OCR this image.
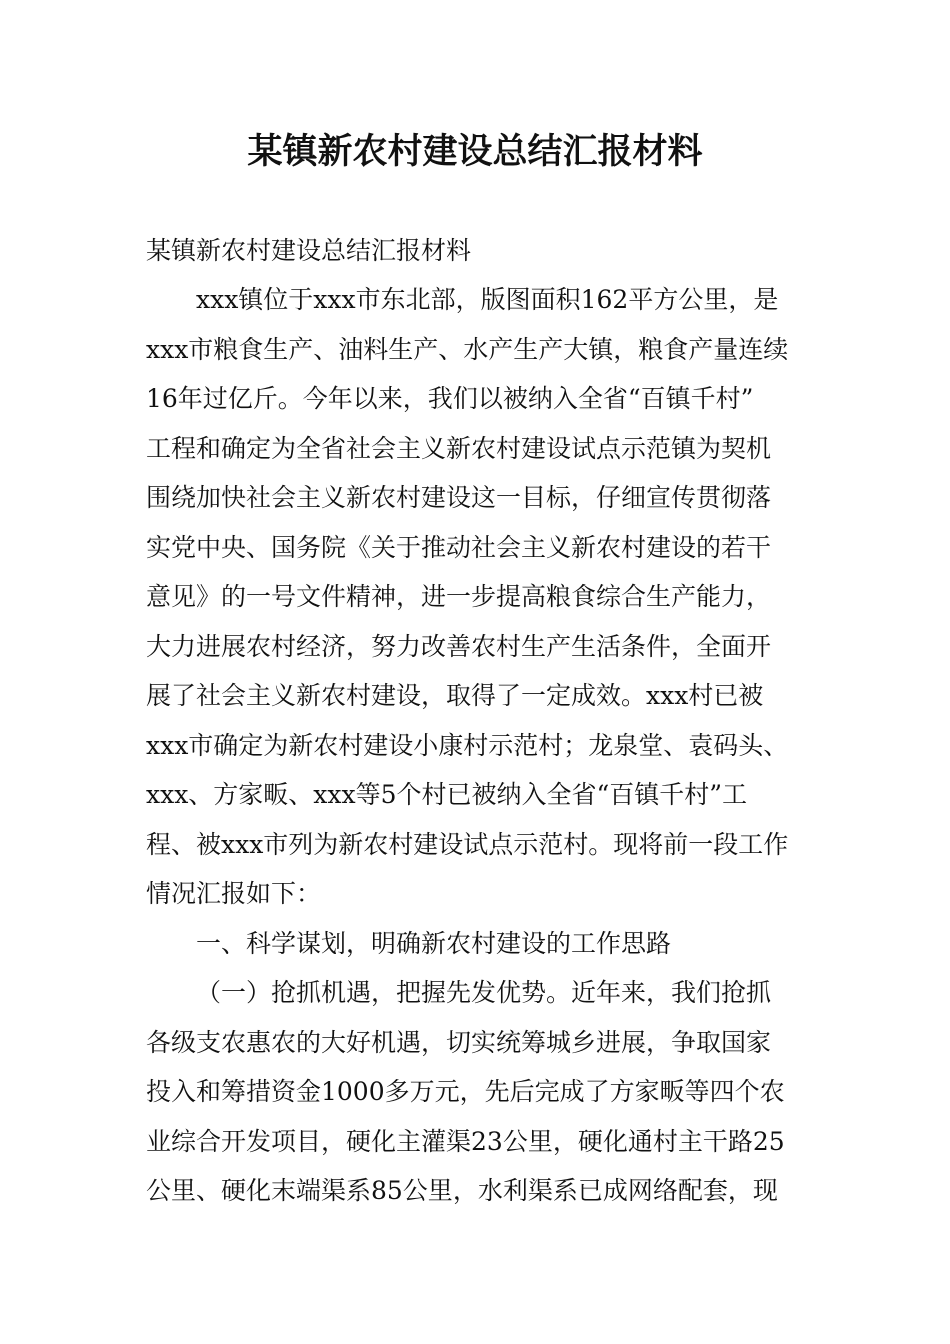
某镇新农村建设总结汇报材料

某镇新农村建设总结汇报材料

xxx镇位于xxx市东北部，版图面积162平方公里，是

xxx市粮食生产、油料生产、水产生产大镇，粮食产量连续

16年过亿斤。今年以来，我们以被纳入全省“百镇千村”

工程和确定为全省社会主义新农村建设试点示范镇为契机

围绕加快社会主义新农村建设这一目标，仔细宣传贯彻落

实党中央、国务院《关于推动社会主义新农村建设的若干

意见》的一号文件精神，进一步提高粮食综合生产能力，

大力进展农村经济，努力改善农村生产生活条件，全面开

展了社会主义新农村建设，取得了一定成效。xxx村已被

xxx市确定为新农村建设小康村示范村；龙泉堂、袁码头、

xxx、方家畈、xxx等5个村已被纳入全省“百镇千村”工

程、被xxx市列为新农村建设试点示范村。现将前一段工作

情况汇报如下：

一、科学谋划，明确新农村建设的工作思路

（一）抢抓机遇，把握先发优势。近年来，我们抢抓

各级支农惠农的大好机遇，切实统筹城乡进展，争取国家

投入和筹措资金1000多万元，先后完成了方家畈等四个农

业综合开发项目，硬化主灌渠23公里，硬化通村主干路25

公里、硬化末端渠系85公里，水利渠系已成网络配套，现
